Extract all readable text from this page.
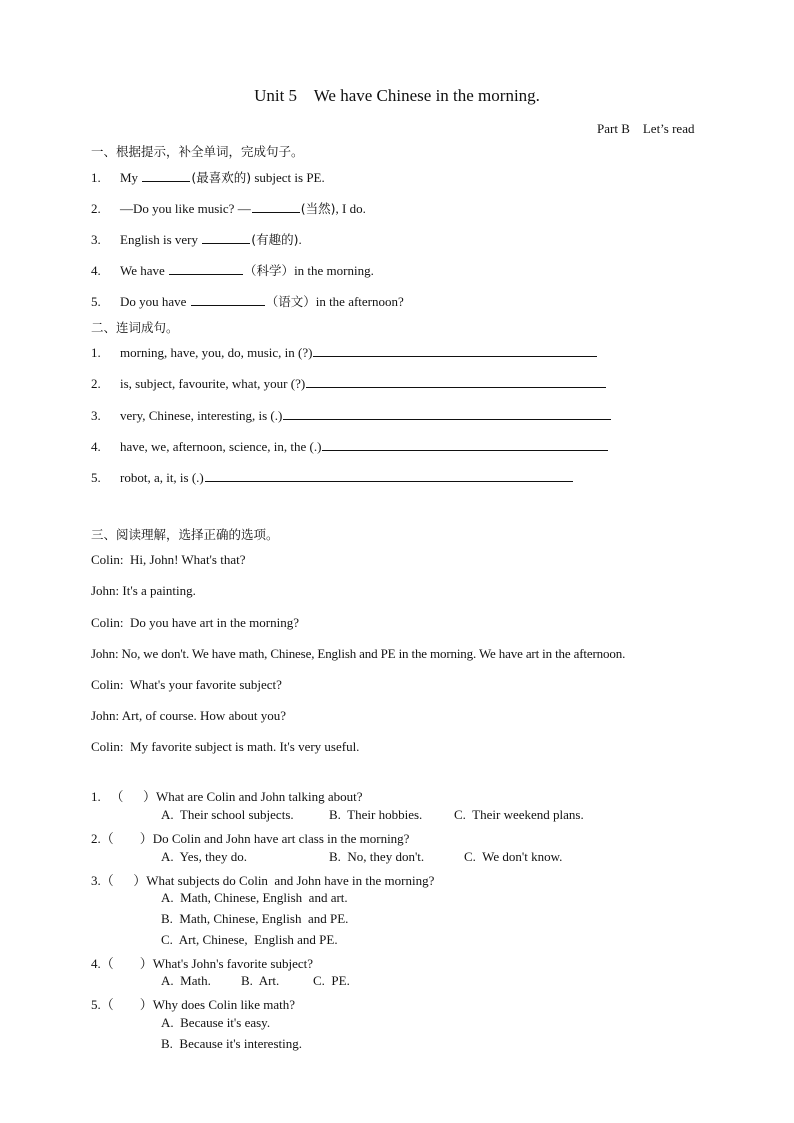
Unit 5    We have Chinese in the morning.
Part B    Let’s read
一、根据提示，补全单词，完成句子。
1. My	(最喜欢的) subject is PE.
2. —Do you like music? —	(当然), I do.
3. English is very	(有趣的).
4. We have	（科学）in the morning.
5. Do you have	（语文）in the afternoon?
二、连词成句。
1. morning, have, you, do, music, in (?)
2. is, subject, favourite, what, your (?)
3. very, Chinese, interesting, is (.)
4. have, we, afternoon, science, in, the (.)
5. robot, a, it, is (.)
三、阅读理解，选择正确的选项。
Colin:  Hi, John! What's that?
John: It's a painting.
Colin:  Do you have art in the morning?
John: No, we don't. We have math, Chinese, English and PE in the morning. We have art in the afternoon.
Colin:  What's your favorite subject?
John: Art, of course. How about you?
Colin:  My favorite subject is math. It's very useful.
1.   （      ）What are Colin and John talking about?
A.  Their school subjects.	B.  Their hobbies. C.  Their weekend plans.
2.（        ）Do Colin and John have art class in the morning?
A.  Yes, they do.	B.  No, they don't.	C.  We don't know.
3.（      ）What subjects do Colin  and John have in the morning?
A.  Math, Chinese, English  and art.
B.  Math, Chinese, English  and PE.
C.  Art, Chinese,  English and PE.
4.（        ）What's John's favorite subject?
A.  Math. B.  Art.	C.  PE.
5.（        ）Why does Colin like math?
A.  Because it's easy.
B.  Because it's interesting.
